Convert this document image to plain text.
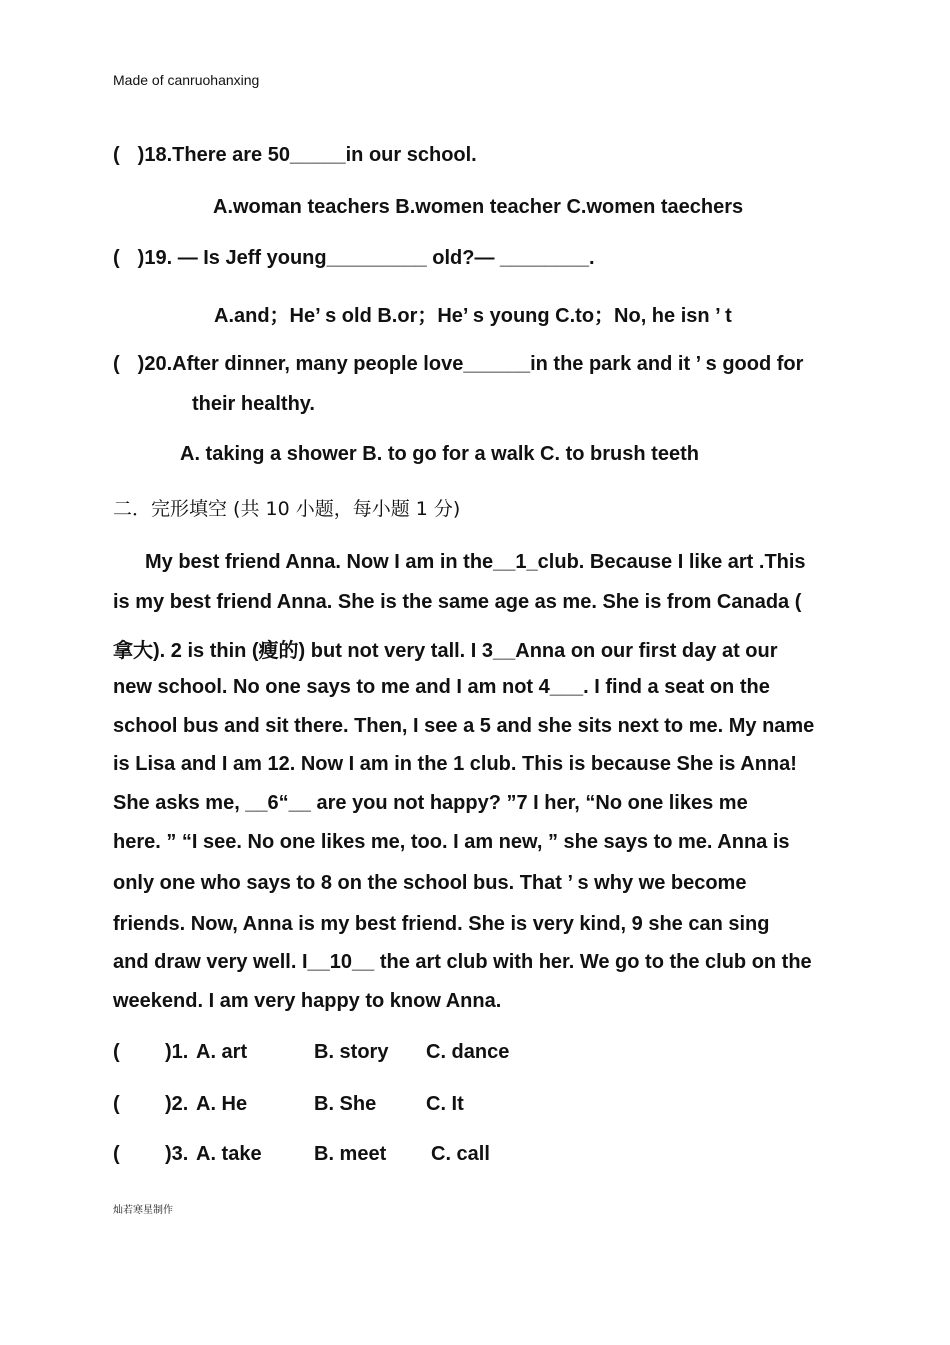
Made of canruohanxing
( )18.There are 50_____in our school.
A.woman teachers B.women teacher C.women taechers
( )19. — Is Jeff young_________ old?— ________.
A.and；He’ s old B.or；He’ s young C.to；No, he isn ’ t
( )20.After dinner, many people love______in the park and it ’ s good for
their healthy.
A. taking a shower B. to go for a walk C. to brush teeth
二．完形填空 (共 10 小题，每小题 1 分)
My best friend Anna. Now I am in the__1_club. Because I like art .This
is my best friend Anna. She is the same age as me. She is from Canada (
拿大). 2 is thin (瘦的) but not very tall. I 3__Anna on our first day at our
new school. No one says to me and I am not 4___. I find a seat on the
school bus and sit there. Then, I see a 5 and she sits next to me. My name
is Lisa and I am 12. Now I am in the 1 club. This is because She is Anna!
She asks me, __6“__ are you not happy? ”7 I her, “No one likes me
here. ” “I see. No one likes me, too. I am new, ” she says to me. Anna is
only one who says to 8 on the school bus. That ’ s why we become
friends. Now, Anna is my best friend. She is very kind, 9 she can sing
and draw very well. I__10__ the art club with her. We go to the club on the
weekend. I am very happy to know Anna.
( )1. A. art	B. story C. dance
( )2. A. He	B. She C. It
( )3. A. take	B. meet C. call
灿若寒星制作
